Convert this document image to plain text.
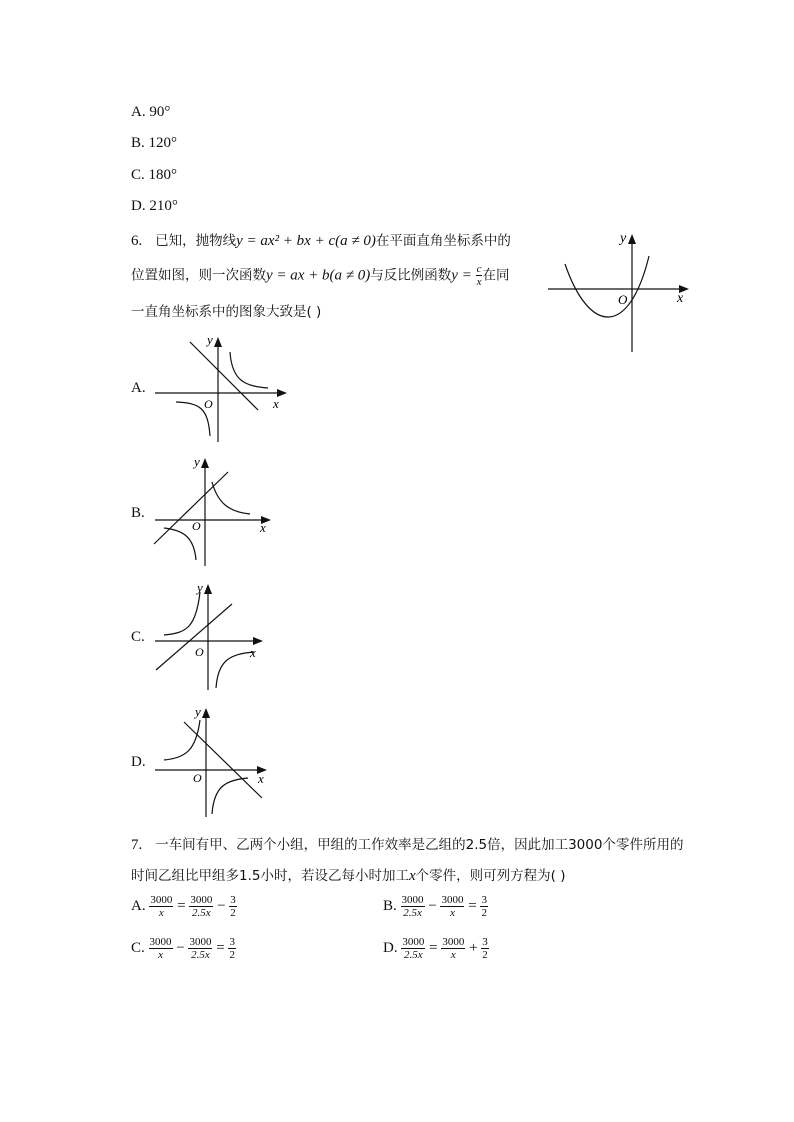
A. 90°
B. 120°
C. 180°
D. 210°
6. 已知，抛物线y = ax² + bx + c(a ≠ 0)在平面直角坐标系中的
位置如图，则一次函数y = ax + b(a ≠ 0)与反比例函数$y = \frac{c}{x}$ 在同
一直角坐标系中的图象大致是( )
x
y
O
A.
x
y
O
B.
x
y
O
C.
x
y
O
D.
x
y
O
7. 一车间有甲、乙两个小组，甲组的工作效率是乙组的2.5倍，因此加工3000个零件所用的
时间乙组比甲组多1.5小时，若设乙每小时加工x个零件，则可列方程为( )
A. $\frac{3000}{x} = \frac{3000}{2.5x} - \frac{3}{2}$	B. $\frac{3000}{2.5x} - \frac{3000}{x} = \frac{3}{2}$
C. $\frac{3000}{x} - \frac{3000}{2.5x} = \frac{3}{2}$	D. $\frac{3000}{2.5x} = \frac{3000}{x} + \frac{3}{2}$
